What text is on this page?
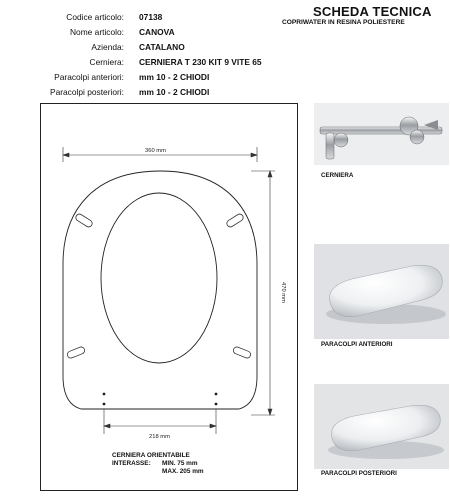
Codice articolo: 07138
Nome articolo: CANOVA
Azienda: CATALANO
Cerniera: CERNIERA T 230 KIT 9 VITE 65
Paracolpi anteriori: mm 10 - 2 CHIODI
Paracolpi posteriori: mm 10 - 2 CHIODI
SCHEDA TECNICA
COPRIWATER IN RESINA POLIESTERE
360 mm
470 mm
218 mm
CERNIERA ORIENTABILE
INTERASSE: MIN. 75 mm
MAX. 205 mm
CERNIERA
PARACOLPI ANTERIORI
PARACOLPI POSTERIORI
